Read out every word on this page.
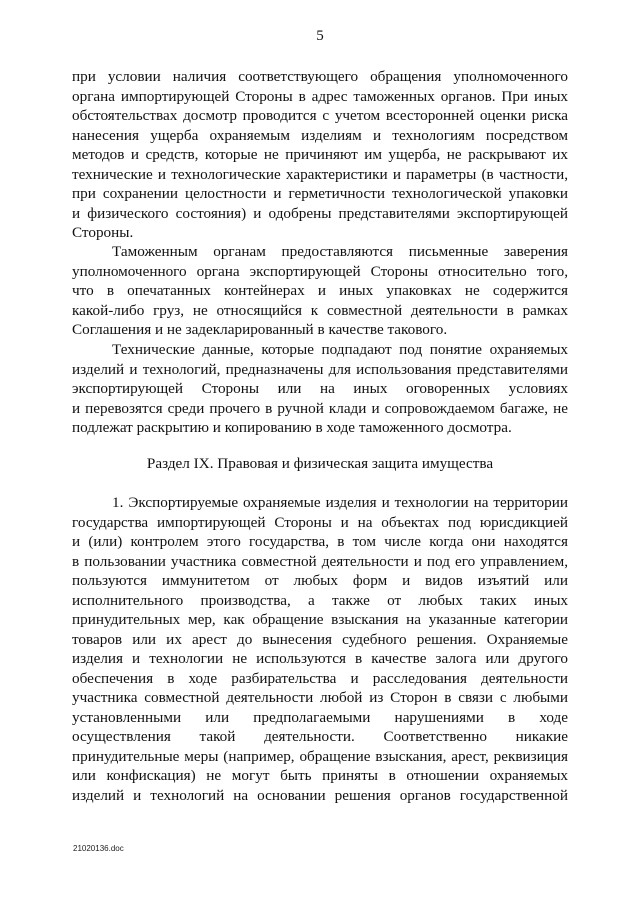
5
при условии наличия соответствующего обращения уполномоченного
органа импортирующей Стороны в адрес таможенных органов. При иных
обстоятельствах досмотр проводится с учетом всесторонней оценки риска
нанесения ущерба охраняемым изделиям и технологиям посредством
методов и средств, которые не причиняют им ущерба, не раскрывают их
технические и технологические характеристики и параметры (в частности,
при сохранении целостности и герметичности технологической упаковки
и физического состояния) и одобрены представителями экспортирующей
Стороны.
Таможенным органам предоставляются письменные заверения
уполномоченного органа экспортирующей Стороны относительно того,
что в опечатанных контейнерах и иных упаковках не содержится
какой-либо груз, не относящийся к совместной деятельности в рамках
Соглашения и не задекларированный в качестве такового.
Технические данные, которые подпадают под понятие охраняемых
изделий и технологий, предназначены для использования представителями
экспортирующей Стороны или на иных оговоренных условиях
и перевозятся среди прочего в ручной клади и сопровождаемом багаже, не
подлежат раскрытию и копированию в ходе таможенного досмотра.
Раздел IX. Правовая и физическая защита имущества
1. Экспортируемые охраняемые изделия и технологии на территории
государства импортирующей Стороны и на объектах под юрисдикцией
и (или) контролем этого государства, в том числе когда они находятся
в пользовании участника совместной деятельности и под его управлением,
пользуются иммунитетом от любых форм и видов изъятий или
исполнительного производства, а также от любых таких иных
принудительных мер, как обращение взыскания на указанные категории
товаров или их арест до вынесения судебного решения. Охраняемые
изделия и технологии не используются в качестве залога или другого
обеспечения в ходе разбирательства и расследования деятельности
участника совместной деятельности любой из Сторон в связи с любыми
установленными или предполагаемыми нарушениями в ходе
осуществления такой деятельности. Соответственно никакие
принудительные меры (например, обращение взыскания, арест, реквизиция
или конфискация) не могут быть приняты в отношении охраняемых
изделий и технологий на основании решения органов государственной
21020136.doc
